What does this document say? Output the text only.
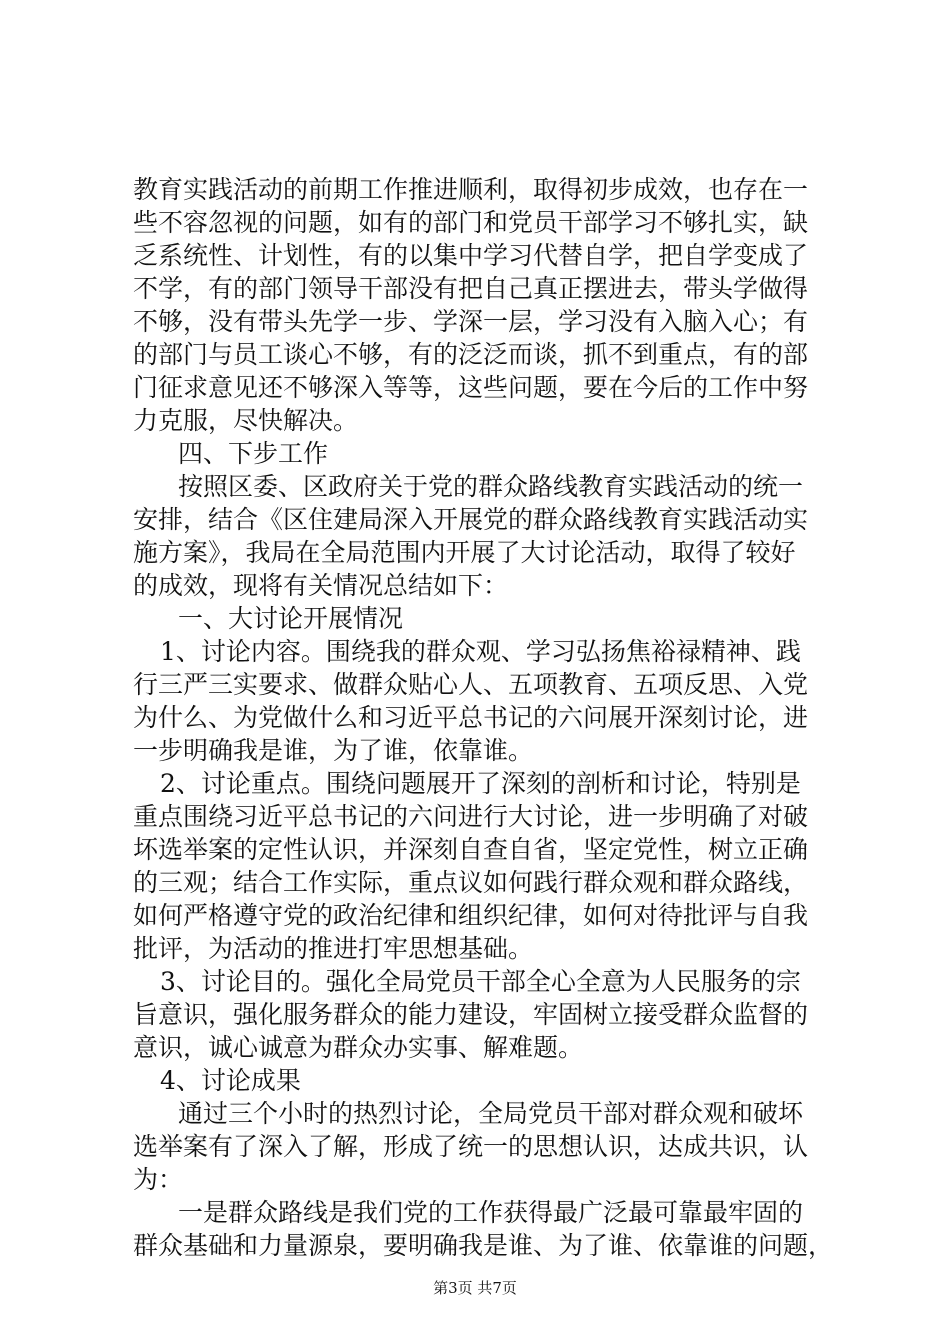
教育实践活动的前期工作推进顺利，取得初步成效，也存在一
些不容忽视的问题，如有的部门和党员干部学习不够扎实，缺
乏系统性、计划性，有的以集中学习代替自学，把自学变成了
不学，有的部门领导干部没有把自己真正摆进去，带头学做得
不够，没有带头先学一步、学深一层，学习没有入脑入心；有
的部门与员工谈心不够，有的泛泛而谈，抓不到重点，有的部
门征求意见还不够深入等等，这些问题，要在今后的工作中努
力克服，尽快解决。
四、下步工作
按照区委、区政府关于党的群众路线教育实践活动的统一
安排，结合《区住建局深入开展党的群众路线教育实践活动实
施方案》，我局在全局范围内开展了大讨论活动，取得了较好
的成效，现将有关情况总结如下：
一、大讨论开展情况
1、讨论内容。围绕我的群众观、学习弘扬焦裕禄精神、践
行三严三实要求、做群众贴心人、五项教育、五项反思、入党
为什么、为党做什么和习近平总书记的六问展开深刻讨论，进
一步明确我是谁，为了谁，依靠谁。
2、讨论重点。围绕问题展开了深刻的剖析和讨论，特别是
重点围绕习近平总书记的六问进行大讨论，进一步明确了对破
坏选举案的定性认识，并深刻自查自省，坚定党性，树立正确
的三观；结合工作实际，重点议如何践行群众观和群众路线，
如何严格遵守党的政治纪律和组织纪律，如何对待批评与自我
批评，为活动的推进打牢思想基础。
3、讨论目的。强化全局党员干部全心全意为人民服务的宗
旨意识，强化服务群众的能力建设，牢固树立接受群众监督的
意识，诚心诚意为群众办实事、解难题。
4、讨论成果
通过三个小时的热烈讨论，全局党员干部对群众观和破坏
选举案有了深入了解，形成了统一的思想认识，达成共识，认
为：
一是群众路线是我们党的工作获得最广泛最可靠最牢固的
群众基础和力量源泉，要明确我是谁、为了谁、依靠谁的问题，
第3页 共7页
